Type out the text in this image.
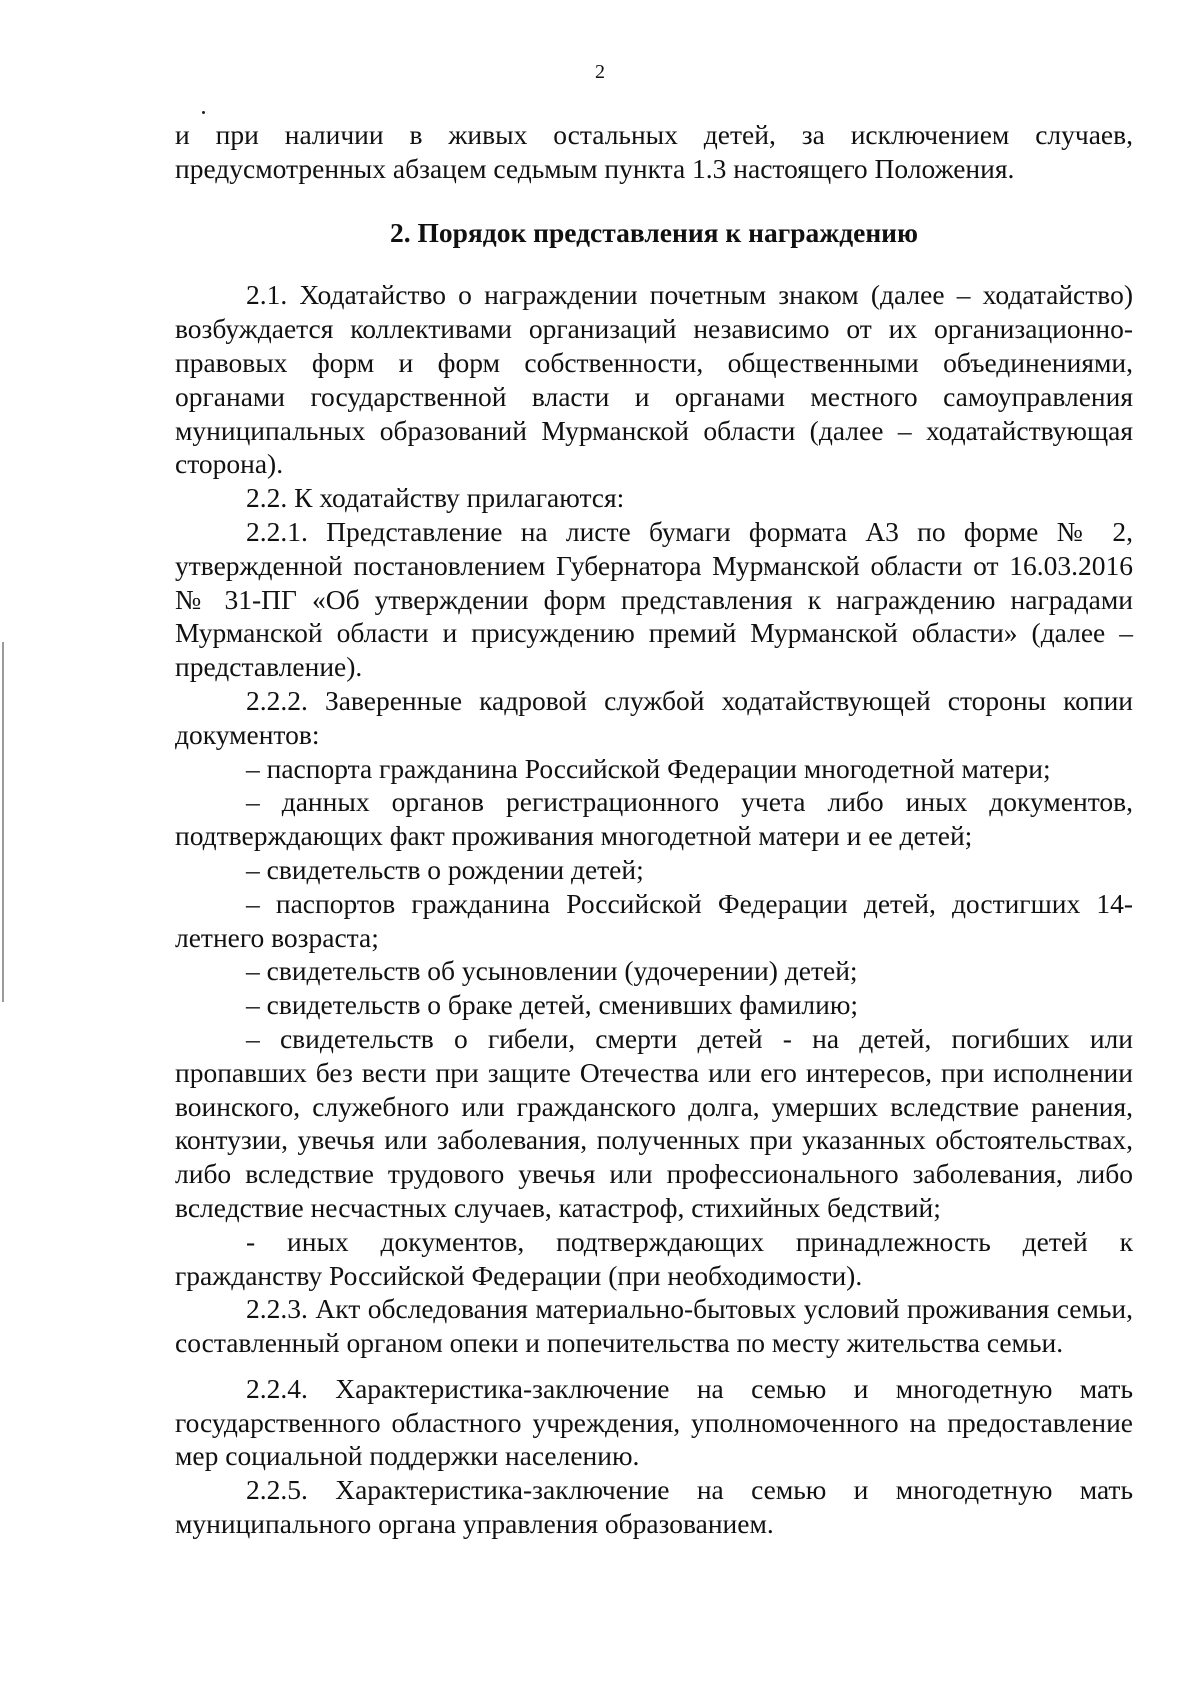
2

и при наличии в живых остальных детей, за исключением случаев, предусмотренных абзацем седьмым пункта 1.3 настоящего Положения.

2. Порядок представления к награждению

2.1. Ходатайство о награждении почетным знаком (далее – ходатайство) возбуждается коллективами организаций независимо от их организационно-правовых форм и форм собственности, общественными объединениями, органами государственной власти и органами местного самоуправления муниципальных образований Мурманской области (далее – ходатайствующая сторона).

2.2. К ходатайству прилагаются:

2.2.1. Представление на листе бумаги формата А3 по форме № 2, утвержденной постановлением Губернатора Мурманской области от 16.03.2016 № 31-ПГ «Об утверждении форм представления к награждению наградами Мурманской области и присуждению премий Мурманской области» (далее – представление).

2.2.2. Заверенные кадровой службой ходатайствующей стороны копии документов:

– паспорта гражданина Российской Федерации многодетной матери;

– данных органов регистрационного учета либо иных документов, подтверждающих факт проживания многодетной матери и ее детей;

– свидетельств о рождении детей;

– паспортов гражданина Российской Федерации детей, достигших 14-летнего возраста;

– свидетельств об усыновлении (удочерении) детей;

– свидетельств о браке детей, сменивших фамилию;

– свидетельств о гибели, смерти детей - на детей, погибших или пропавших без вести при защите Отечества или его интересов, при исполнении воинского, служебного или гражданского долга, умерших вследствие ранения, контузии, увечья или заболевания, полученных при указанных обстоятельствах, либо вследствие трудового увечья или профессионального заболевания, либо вследствие несчастных случаев, катастроф, стихийных бедствий;

- иных документов, подтверждающих принадлежность детей к гражданству Российской Федерации (при необходимости).

2.2.3. Акт обследования материально-бытовых условий проживания семьи, составленный органом опеки и попечительства по месту жительства семьи.

2.2.4. Характеристика-заключение на семью и многодетную мать государственного областного учреждения, уполномоченного на предоставление мер социальной поддержки населению.

2.2.5. Характеристика-заключение на семью и многодетную мать муниципального органа управления образованием.
